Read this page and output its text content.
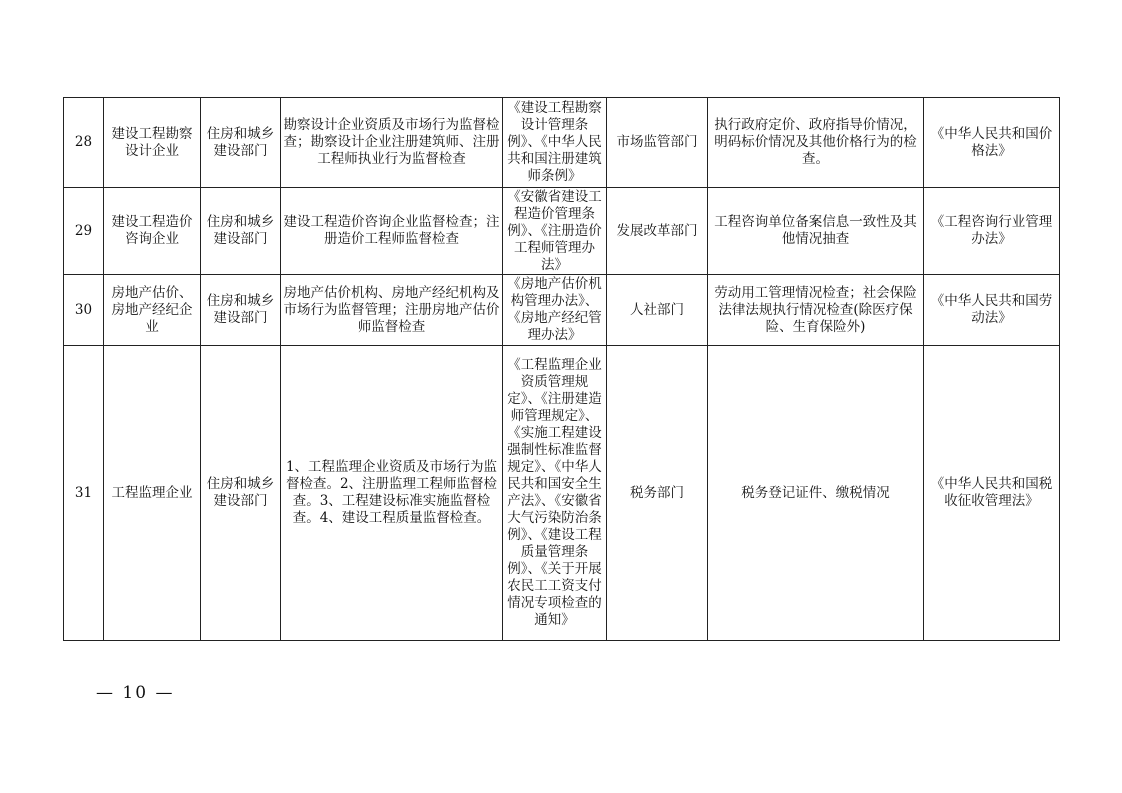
28	建设工程勘察设计企业	住房和城乡建设部门	勘察设计企业资质及市场行为监督检查；勘察设计企业注册建筑师、注册工程师执业行为监督检查	《建设工程勘察设计管理条例》、《中华人民共和国注册建筑师条例》	市场监管部门	执行政府定价、政府指导价情况，明码标价情况及其他价格行为的检查。	《中华人民共和国价格法》
29	建设工程造价咨询企业	住房和城乡建设部门	建设工程造价咨询企业监督检查；注册造价工程师监督检查	《安徽省建设工程造价管理条例》、《注册造价工程师管理办法》	发展改革部门	工程咨询单位备案信息一致性及其他情况抽查	《工程咨询行业管理办法》
30	房地产估价、房地产经纪企业	住房和城乡建设部门	房地产估价机构、房地产经纪机构及市场行为监督管理；注册房地产估价师监督检查	《房地产估价机构管理办法》、《房地产经纪管理办法》	人社部门	劳动用工管理情况检查；社会保险法律法规执行情况检查(除医疗保险、生育保险外)	《中华人民共和国劳动法》
31	工程监理企业	住房和城乡建设部门	1、工程监理企业资质及市场行为监督检查。2、注册监理工程师监督检查。3、工程建设标准实施监督检查。4、建设工程质量监督检查。	《工程监理企业资质管理规定》、《注册建造师管理规定》、《实施工程建设强制性标准监督规定》、《中华人民共和国安全生产法》、《安徽省大气污染防治条例》、《建设工程质量管理条例》、《关于开展农民工工资支付情况专项检查的通知》	税务部门	税务登记证件、缴税情况	《中华人民共和国税收征收管理法》
— 10 —
